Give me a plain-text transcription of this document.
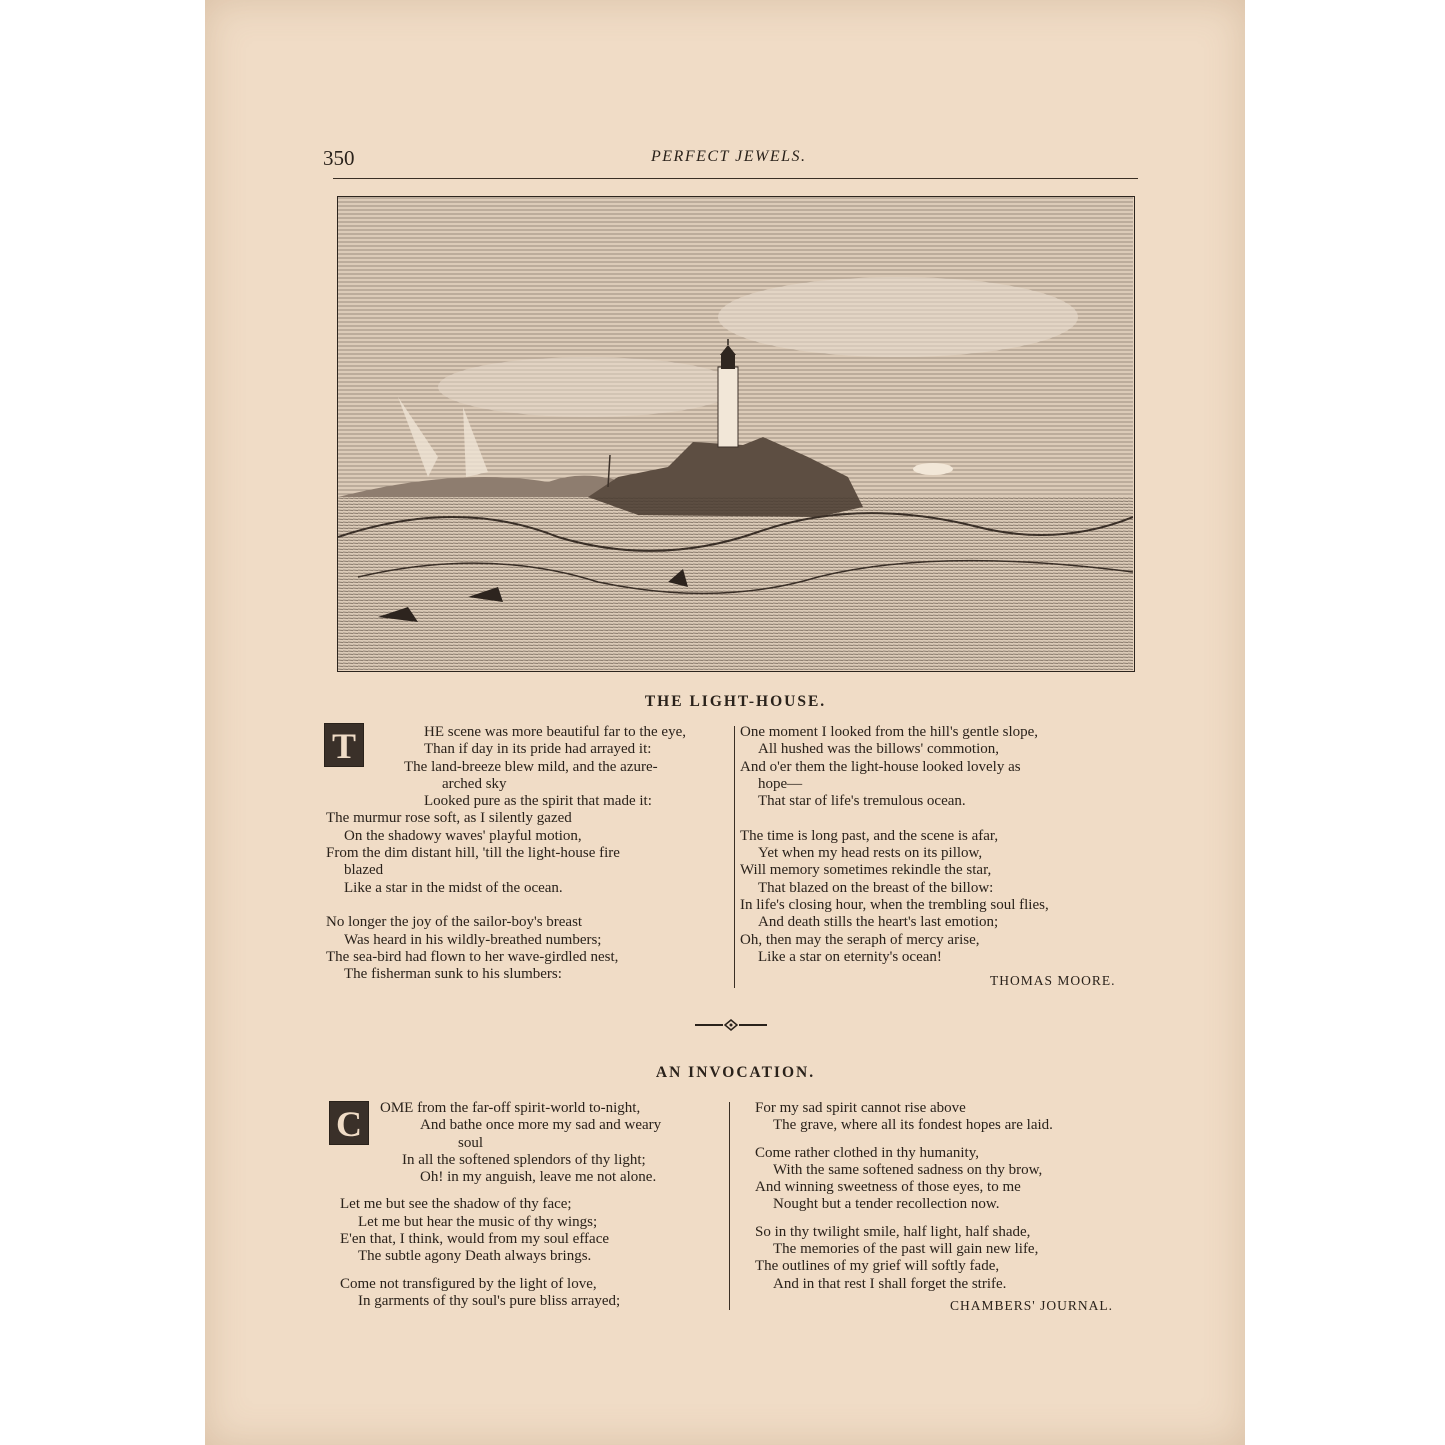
350	PERFECT JEWELS.
THE LIGHT-HOUSE.
T	HE scene was more beautiful far to the eye,
Than if day in its pride had arrayed it:
The land-breeze blew mild, and the azure-
arched sky
Looked pure as the spirit that made it:
The murmur rose soft, as I silently gazed
On the shadowy waves' playful motion,
From the dim distant hill, 'till the light-house fire
blazed
Like a star in the midst of the ocean.
No longer the joy of the sailor-boy's breast
Was heard in his wildly-breathed numbers;
The sea-bird had flown to her wave-girdled nest,
The fisherman sunk to his slumbers:
One moment I looked from the hill's gentle slope,
All hushed was the billows' commotion,
And o'er them the light-house looked lovely as
hope—
That star of life's tremulous ocean.
The time is long past, and the scene is afar,
Yet when my head rests on its pillow,
Will memory sometimes rekindle the star,
That blazed on the breast of the billow:
In life's closing hour, when the trembling soul flies,
And death stills the heart's last emotion;
Oh, then may the seraph of mercy arise,
Like a star on eternity's ocean!
THOMAS MOORE.
AN INVOCATION.
C	OME from the far-off spirit-world to-night,
And bathe once more my sad and weary
soul
In all the softened splendors of thy light;
Oh! in my anguish, leave me not alone.
Let me but see the shadow of thy face;
Let me but hear the music of thy wings;
E'en that, I think, would from my soul efface
The subtle agony Death always brings.
Come not transfigured by the light of love,
In garments of thy soul's pure bliss arrayed;
For my sad spirit cannot rise above
The grave, where all its fondest hopes are laid.
Come rather clothed in thy humanity,
With the same softened sadness on thy brow,
And winning sweetness of those eyes, to me
Nought but a tender recollection now.
So in thy twilight smile, half light, half shade,
The memories of the past will gain new life,
The outlines of my grief will softly fade,
And in that rest I shall forget the strife.
CHAMBERS' JOURNAL.
